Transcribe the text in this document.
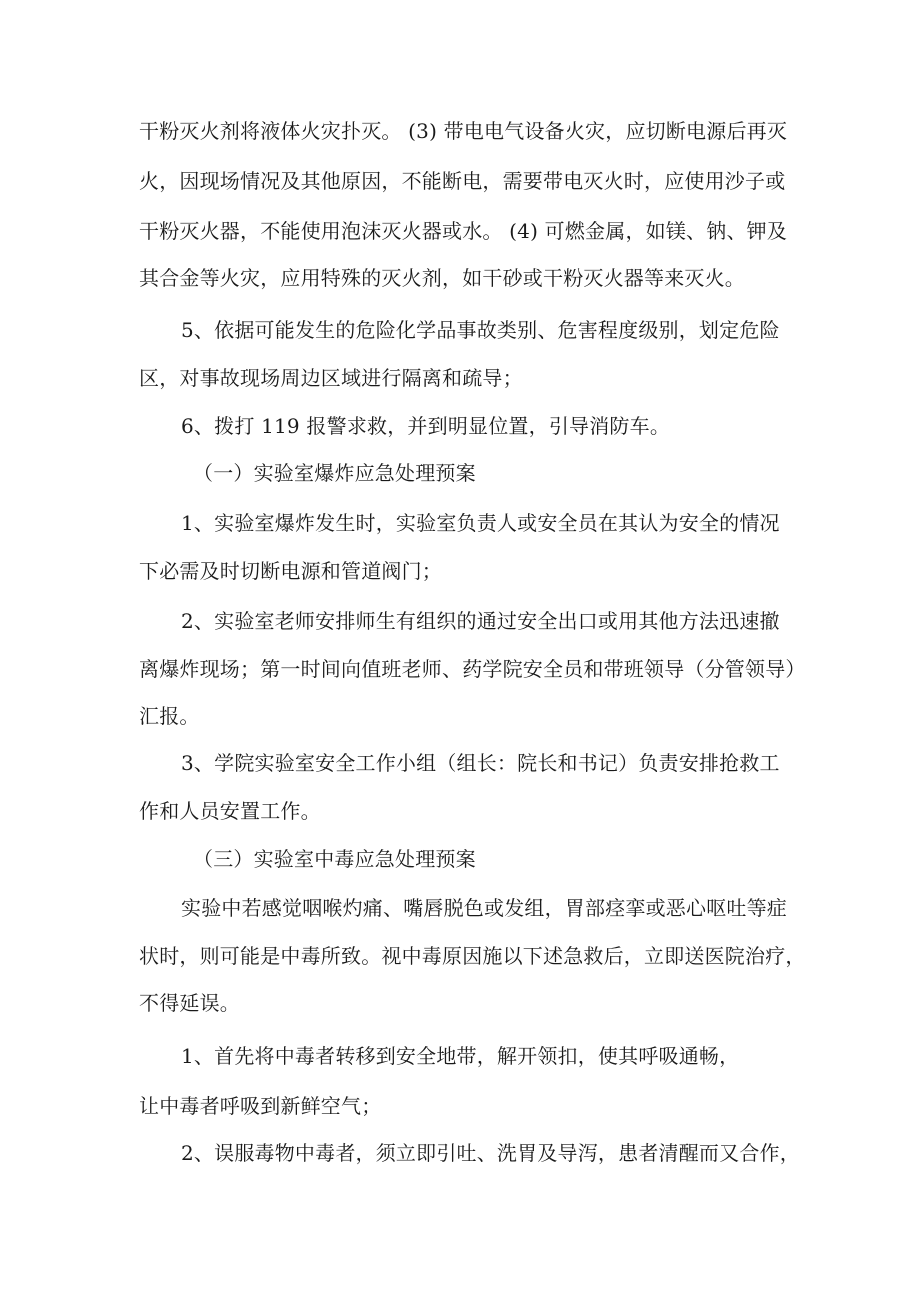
干粉灭火剂将液体火灾扑灭。 (3) 带电电气设备火灾，应切断电源后再灭
火，因现场情况及其他原因，不能断电，需要带电灭火时，应使用沙子或
干粉灭火器，不能使用泡沫灭火器或水。 (4) 可燃金属，如镁、钠、钾及
其合金等火灾，应用特殊的灭火剂，如干砂或干粉灭火器等来灭火。
5、依据可能发生的危险化学品事故类别、危害程度级别，划定危险
区，对事故现场周边区域进行隔离和疏导；
6、拨打 119 报警求救，并到明显位置，引导消防车。
（一）实验室爆炸应急处理预案
1、实验室爆炸发生时，实验室负责人或安全员在其认为安全的情况
下必需及时切断电源和管道阀门；
2、实验室老师安排师生有组织的通过安全出口或用其他方法迅速撤
离爆炸现场；第一时间向值班老师、药学院安全员和带班领导（分管领导）
汇报。
3、学院实验室安全工作小组（组长：院长和书记）负责安排抢救工
作和人员安置工作。
（三）实验室中毒应急处理预案
实验中若感觉咽喉灼痛、嘴唇脱色或发组，胃部痉挛或恶心呕吐等症
状时，则可能是中毒所致。视中毒原因施以下述急救后，立即送医院治疗，
不得延误。
1、首先将中毒者转移到安全地带，解开领扣，使其呼吸通畅，
让中毒者呼吸到新鲜空气；
2、误服毒物中毒者，须立即引吐、洗胃及导泻，患者清醒而又合作，
